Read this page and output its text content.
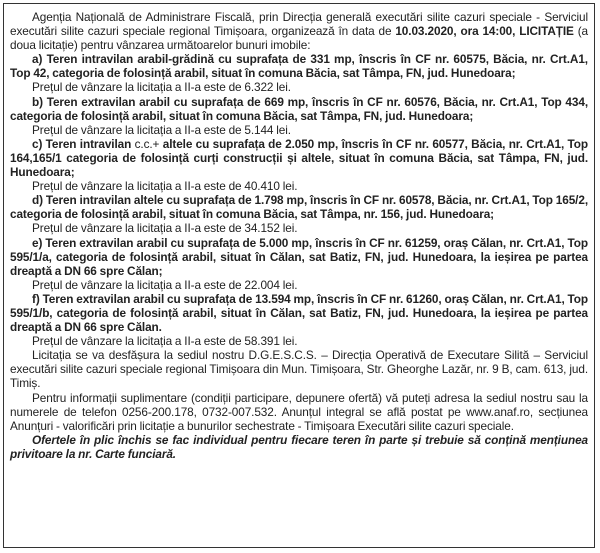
Agenția Națională de Administrare Fiscală, prin Direcția generală executări silite cazuri speciale - Serviciul executări silite cazuri speciale regional Timișoara, organizează în data de 10.03.2020, ora 14:00, LICITAȚIE (a doua licitație) pentru vânzarea următoarelor bunuri imobile:

a) Teren intravilan arabil-grădină cu suprafața de 331 mp, înscris în CF nr. 60575, Băcia, nr. Crt.A1, Top 42, categoria de folosință arabil, situat în comuna Băcia, sat Tâmpa, FN, jud. Hunedoara;

Prețul de vânzare la licitația a II-a este de 6.322 lei.

b) Teren extravilan arabil cu suprafața de 669 mp, înscris în CF nr. 60576, Băcia, nr. Crt.A1, Top 434, categoria de folosință arabil, situat în comuna Băcia, sat Tâmpa, FN, jud. Hunedoara;

Prețul de vânzare la licitația a II-a este de 5.144 lei.

c) Teren intravilan c.c.+ altele cu suprafața de 2.050 mp, înscris în CF nr. 60577, Băcia, nr. Crt.A1, Top 164,165/1 categoria de folosință curți construcții și altele, situat în comuna Băcia, sat Tâmpa, FN, jud. Hunedoara;

Prețul de vânzare la licitația a II-a este de 40.410 lei.

d) Teren intravilan altele cu suprafața de 1.798 mp, înscris în CF nr. 60578, Băcia, nr. Crt.A1, Top 165/2, categoria de folosință arabil, situat în comuna Băcia, sat Tâmpa, nr. 156, jud. Hunedoara;

Prețul de vânzare la licitația a II-a este de 34.152 lei.

e) Teren extravilan arabil cu suprafața de 5.000 mp, înscris în CF nr. 61259, oraș Călan, nr. Crt.A1, Top 595/1/a, categoria de folosință arabil, situat în Călan, sat Batiz, FN, jud. Hunedoara, la ieșirea pe partea dreaptă a DN 66 spre Călan;

Prețul de vânzare la licitația a II-a este de 22.004 lei.

f) Teren extravilan arabil cu suprafața de 13.594 mp, înscris în CF nr. 61260, oraș Călan, nr. Crt.A1, Top 595/1/b, categoria de folosință arabil, situat în Călan, sat Batiz, FN, jud. Hunedoara, la ieșirea pe partea dreaptă a DN 66 spre Călan.

Prețul de vânzare la licitația a II-a este de 58.391 lei.

Licitația se va desfășura la sediul nostru D.G.E.S.C.S. – Direcția Operativă de Executare Silită – Serviciul executări silite cazuri speciale regional Timișoara din Mun. Timișoara, Str. Gheorghe Lazăr, nr. 9 B, cam. 613, jud. Timiș.

Pentru informații suplimentare (condiții participare, depunere ofertă) vă puteți adresa la sediul nostru sau la numerele de telefon 0256-200.178, 0732-007.532. Anunțul integral se află postat pe www.anaf.ro, secțiunea Anunțuri - valorificări prin licitație a bunurilor sechestrate - Timișoara Executări silite cazuri speciale.

Ofertele în plic închis se fac individual pentru fiecare teren în parte și trebuie să conțină mențiunea privitoare la nr. Carte funciară.
